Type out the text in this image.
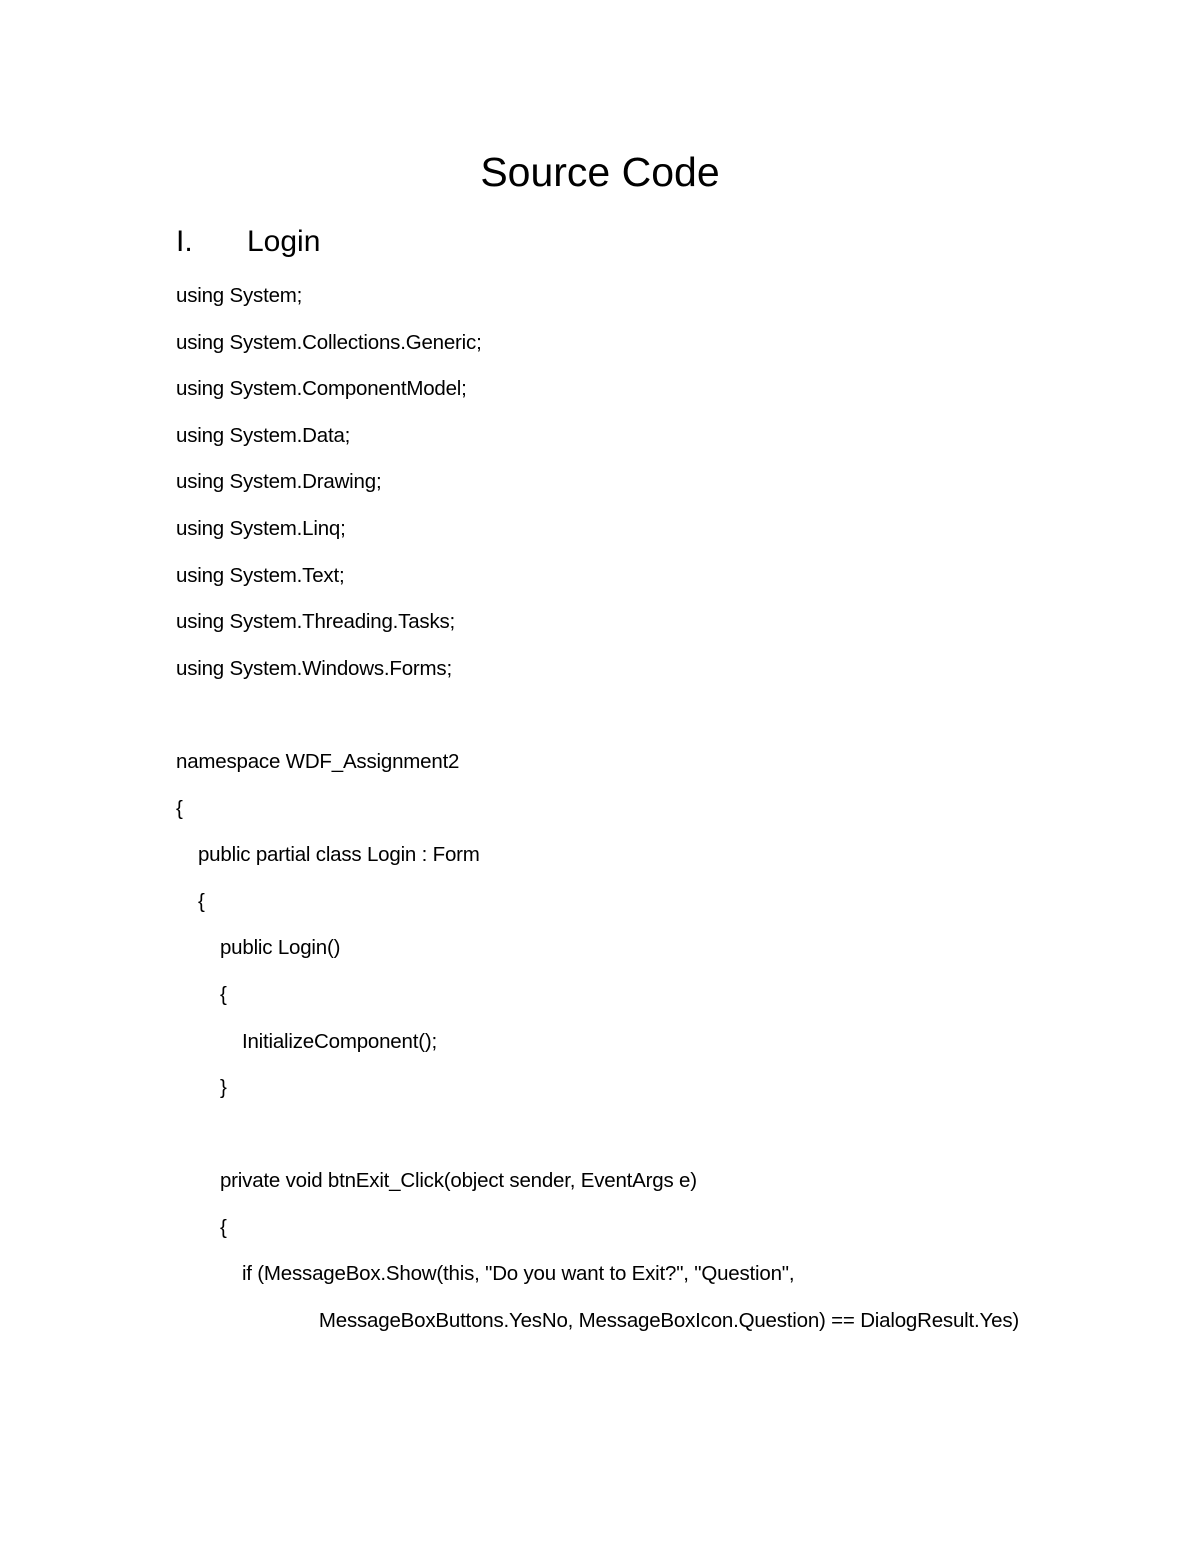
Source Code
I. Login
using System;
using System.Collections.Generic;
using System.ComponentModel;
using System.Data;
using System.Drawing;
using System.Linq;
using System.Text;
using System.Threading.Tasks;
using System.Windows.Forms;
namespace WDF_Assignment2
{
public partial class Login : Form
{
public Login()
{
InitializeComponent();
}
private void btnExit_Click(object sender, EventArgs e)
{
if (MessageBox.Show(this, "Do you want to Exit?", "Question",
MessageBoxButtons.YesNo, MessageBoxIcon.Question) == DialogResult.Yes)
